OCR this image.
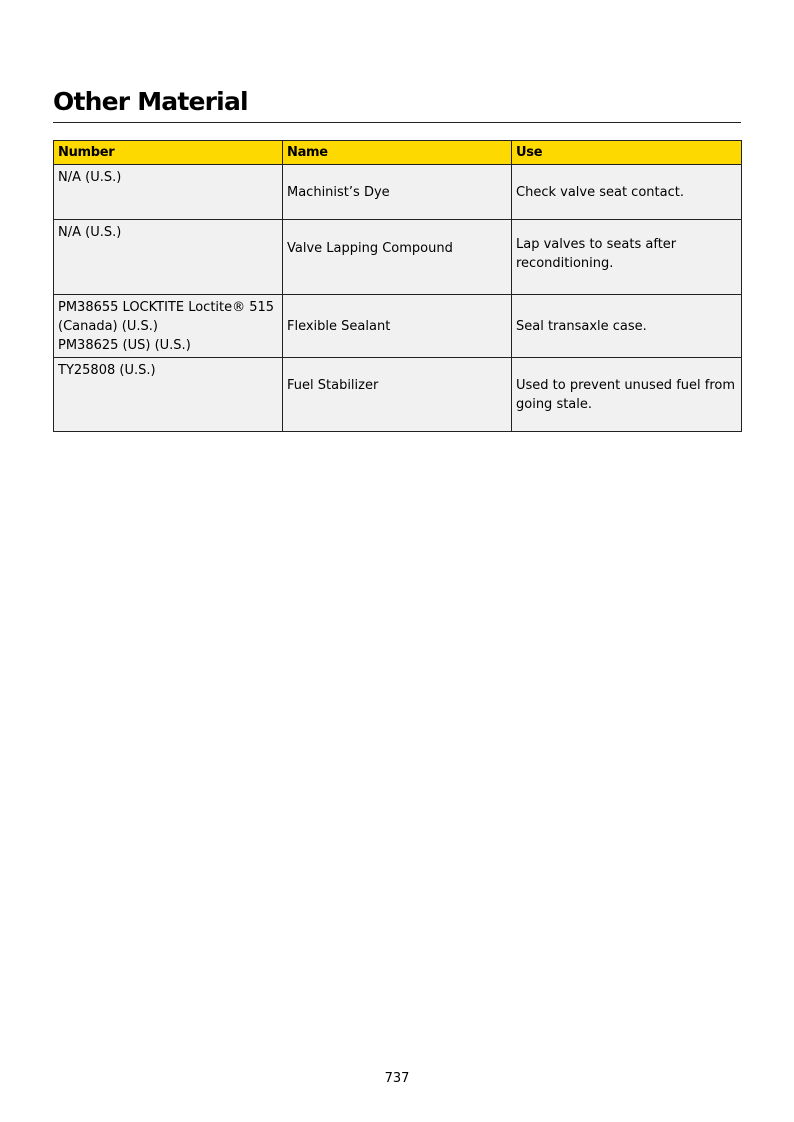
Other Material
Number	Name	Use

N/A (U.S.)	Machinist’s Dye	Check valve seat contact.

N/A (U.S.)	Valve Lapping Compound	Lap valves to seats after reconditioning.

PM38655 LOCKTITE Loctite® 515 (Canada) (U.S.)
PM38625 (US) (U.S.)	Flexible Sealant	Seal transaxle case.

TY25808 (U.S.)	Fuel Stabilizer	Used to prevent unused fuel from going stale.
737
